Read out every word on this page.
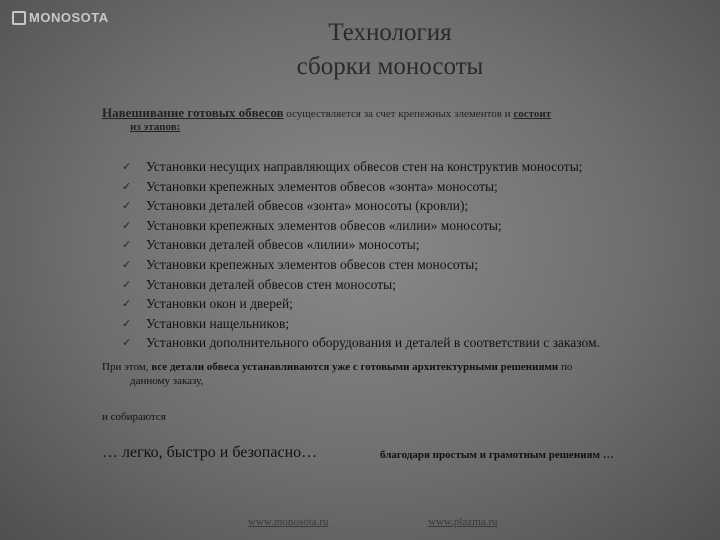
MONOSOTA
Технология
сборки моносоты
Навешивание готовых обвесов осуществляется за счет крепежных элементов и состоит
из этапов:
✓	Установки несущих направляющих обвесов стен на конструктив моносоты;
✓	Установки крепежных элементов обвесов «зонта» моносоты;
✓	Установки деталей обвесов «зонта» моносоты (кровли);
✓	Установки крепежных элементов обвесов «лилии» моносоты;
✓	Установки деталей обвесов «лилии» моносоты;
✓	Установки крепежных элементов обвесов стен моносоты;
✓	Установки деталей обвесов стен моносоты;
✓	Установки окон и дверей;
✓	Установки нащельников;
✓	Установки дополнительного оборудования и деталей в соответствии с заказом.
При этом, все детали обвеса устанавливаются уже с готовыми архитектурными решениями по
данному заказу,
и собираются
… легко, быстро и безопасно…	благодаря простым и грамотным решениям …
www.monosota.ru	www.plazma.ru
